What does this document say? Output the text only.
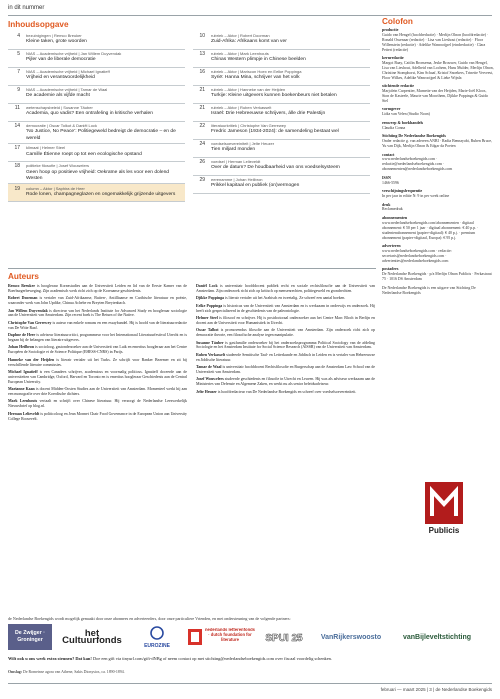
in dit nummer
Inhoudsopgave
4	bezuinigingen | Remco Breuker
Kleine taken, grote woorden
5	NIAS – Academische vrijheid | Jan Willem Duyvendak
Pijler van de liberale democratie
7	NIAS – Academische vrijheid | Michael Ignatieff
Vrijheid en verantwoordelijkheid
9	NIAS – Academische vrijheid | Tamar de Waal
De academie als vijfde macht
11	wetenschapsbeleid | Susanne Täuber
Academia, quo vadis? Een ontrafeling in kritische verhalen
14	democratie | Oscar Tolkot & Daniël Lock
‘No Justice, No Peace’: Politiegeweld bedreigt de democratie – en de wereld
17	klimaat | Helmer Steel
Camille Étienne roept op tot een ecologische opstand
18	politieke filosofie | Josef Wouwelers
Geen hoop op positieve vrijheid: Oekraïne als les voor een dolend Westen
19	column – Aktor | Saphira de Heer
Rode lonen, champagneglazen en ongemakkelijk grijzende uitgevers
10	rubriek – Aktor | Robert Doorman
Zuid-Afrika: Afrikaans komt van ver
13	rubriek – Aktor | Mark Leenhouts
Chinas Western plimpje in Chinese beelden
16	rubriek – Aktor | Mariscon Hoex en Eelke Poppinga
Syriё: Hanna Mina, schrijver van het volk
21	rubriek – Aktor | Hanneke van der Heijden
Turkije: Kleine uitgevers kunnen boekenbeurs niet betalen
21	rubriek – Aktor | Ruben Verkasselt
Israël: Drie Hebreeuwse schrijvers, álle drie Palestijn
22	literatuurkritiek | Christophe Van Gerrewey
Fredric Jameson (1934-2024): de samendeling bestaat wel
24	voedselsoevereiniteit | Jelte Heuzer
Tien miljard monden
26	voedsel | Herman Lelieveldt
Over de datum? De houdbaarheid van ons voedselsysteem
29	eerenamme | Johan Heilbron
Prikkel kapitaal en publiek (on)vermogen
Colofon
productie
Guido van Hengel (hoofdredactie) · Merlijn Olnon (hoofdredactie) · Ronald Ossenaar (redactie) · Lisa van Lieshout (redactie) · Floor Willenstein (redactie) · Adelike Wanrooijpel (eindredactie) · Clara Pettert (redactie)
kernredactie
Margot Baay, Caitlin Bronsema, Jeske Brouwer, Guido van Hengel, Lisa van Lieshout, Adelheid van Lochem, Hans Mulder, Merlijn Olnon, Christine Stomphorst, Kim Schaaf, Kristof Snoekers, Trinette Verveest, Floor Wilkes, Adelike Wanrooijpel & Lieke Wijnla
stichtende redactie
Marjolein Carpentier, Marnette van der Heijden, Marie-Joël Kloos, Sion de Kasteele, Maurie van Moorthem, Djikke Poppinga & Guido Stel
vormgever
Lidia van Velen (Studio Noon)
eenwerp & boekhandels
Claudia Conna
Stichting De Nederlandse Boekengids
Onder redactie g. van adereen ANBI · Radia Bennayabi, Ruben Bruce, Yu van Dijk, Merlijn Olnon & Edgar da Poeten
contact
www.nederlandseboekengids.com · redactie@nederlandseboekengids.com · abonnementen@nederlandseboekengids.com
ISSN
1466-5596
verschijningsfrequentie
In per jaar in editie N: 9 in per week online
druk
Reclamedruk
abonnementen
www.nederlandseboekengids.com/abonnementen · digitaal abonnement: € 50 per 1 jaar · digitaal abonnement: € 40 p.p. · studentenabonnement (papier+digitaal): € 40 p.j. · premium abonnement (papier+digitaal, Europa): € 95 p.j.
adverteren
www.nederlandseboekengids.com · redactie: secretaris@nederlandseboekengids.com · advertenties@nederlandseboekengids.com
postadres
De Nederlandse Boekengids · p/a Merlijn Olnon Publicis · Ferkastraat 75 · 1016 DS Amsterdam
De Nederlandse Boekengids is een uitgave van Stichting De Nederlandse Boekengids
Publicis
Auteurs

Remco Breuker is hoogleraar Koreastudies aan de Universiteit Leiden en lid van de Eerste Kamer van de Boerburgerbeweging. Zijn academisch werk richt zich op de Koreaanse geschiedenis.

Robert Doorman is vertaler van Zuid-Afrikaanse, Buiten-, Antilliaanse en Caribische literatuur en poëzie, waaronder werk van John Updike, Chinua Achebe en Breyten Breytenbach.

Jan Willem Duyvendak is directeur van het Nederlands Institute for Advanced Study en hoogleraar sociologie aan de Universiteit van Amsterdam. Zijn recent boek is The Return of the Native.

Christophe Van Gerrewey is auteur van enkele romans en een essaybundel. Hij is hoofd van de literatuurredactie van De Witte Raaf.

Daphne de Heer is adviseur literatuurcritici, programmeur voor het Internationaal Literatuurfestival Utrecht en is begaan bij de belangen van literaire uitgevers.

Johan Heilbron is socioloog, gastonderzoeker aan de Universiteit van Luik en emeritus hoogleraar aan het Centre Européen de Sociologie et de Science Politique (EHESS-CNRS) in Parijs.

Hanneke van der Heijden is literair vertaler uit het Turks. Ze schrijft voor Banker Bezemer en zit bij verschillende literaire commissies.

Michael Ignatieff is een Canadees schrijver, academicus en voormalig politicus. Ignatieff doceerde aan de universiteiten van Cambridge, Oxford, Harvard en Toronto en is emeritus hoogleraar Geschiedenis aan de Central European University.

Marianne Kaan is docent Midden-Oosten Studies aan de Universiteit van Amsterdam. Momenteel werkt hij aan een monografie over drie Koerdische dichters.

Mark Leenhouts vertaalt en schrijft over Chinese literatuur. Hij verzorgt de Nederlandse Leeswerkelijk Nieuwsbrief op blog.nl.

Herman Lelieveldt is politicoloog en Jean Monnet Chair Food Governance in de European Union aan University College Roosevelt.

Daniël Lock is universitair hoofddocent publiek recht en sociale rechtsfilosofie aan de Universiteit van Amsterdam. Zijn onderzoek richt zich op kritisch op mensenrechten, politiegeweld en grondrechten.

Djikke Poppinga is literair vertaler uit het Arabisch en tweetalig. Ze schreef een aantal boeken.

Eelke Poppinga is historicus van de Universiteit van Amsterdam en is werkzaam in onderwijs en onderzoek. Hij heeft zich gespecialiseerd in de geschiedenis van de paleontologie.

Helmer Steel is filosoof en schrijver. Hij is postdoctoraal onderzoeker aan het Centre Marc Bloch in Berlijn en docent aan de Universiteit voor Humanistiek in Utrecht.

Oscar Talbot is promovendus filosofie aan de Universiteit van Amsterdam. Zijn onderzoek richt zich op democratie theorie, een filosofische analyse tegen manipulatie.

Susanne Täuber is gastfamilie onderzoeker bij het onderzoeksprogramma Political Sociology van de afdeling Sociologie en het Amsterdam Institute for Social Science Research (AISSR) van de Universiteit van Amsterdam.

Ruben Verkasselt studeerde Semitische Taal- en Letterkunde en Jiddisch in Leiden en is vertaler van Hebreeuwse en Jiddische literatuur.

Tamar de Waal is universitair hoofddocent Rechtsfilosofie en Burgerschap aan de Amsterdam Law School van de Universiteit van Amsterdam.

Josef Wouwelers studeerde geschiedenis en filosofie in Utrecht en Leuven. Hij was als adviseur werkzaam aan de Ministeries van Defensie en Algemene Zaken, en werkt nu als senior beleidsadviseur.

Jelte Heuzer is hoofdredacteur van De Nederlandse Boekengids en schreef over voedselsoevereiniteit.

de Nederlandse Boekengids wordt mogelijk gemaakt door onze abonnees en adverteerders, door onze particuliere Vrienden, en met ondersteuning van de volgende partners:
De Zwijger · Groninger
het Cultuurfonds	EUROZINE
nederlands letterenfonds · dutch foundation for literature	SPUI 25	VanRijkerswoosto	vanBijleveltstichting
Wilt ook u ons werk extra steunen? Dat kan! Doe een gift via tinyurl.com/gift-dNBg of neem contact op met stichting@nederlandseboekengids.com over fiscaal voordelig schenken.
Omslag: De Romeinse agora van Athene, Sakis Dionysios, ca. 1890-1894.
februari — maart 2025 | 3 | de Nederlandse Boekengids
